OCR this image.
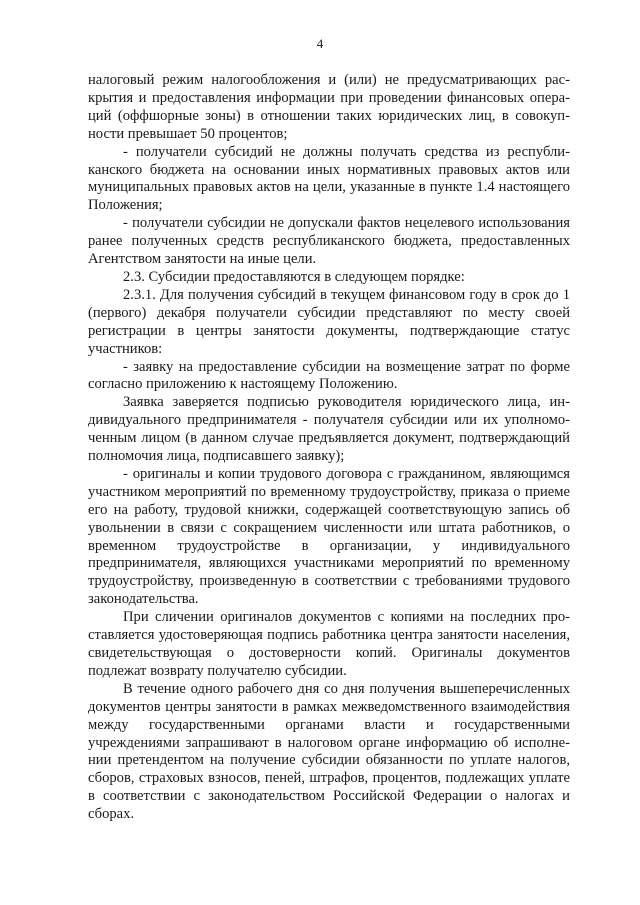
4

налоговый режим налогообложения и (или) не предусматривающих раскрытия и предоставления информации при проведении финансовых операций (оффшорные зоны) в отношении таких юридических лиц, в совокупности превышает 50 процентов;

- получатели субсидий не должны получать средства из республиканского бюджета на основании иных нормативных правовых актов или муниципальных правовых актов на цели, указанные в пункте 1.4 настоящего Положения;

- получатели субсидии не допускали фактов нецелевого использования ранее полученных средств республиканского бюджета, предоставленных Агентством занятости на иные цели.

2.3. Субсидии предоставляются в следующем порядке:

2.3.1. Для получения субсидий в текущем финансовом году в срок до 1 (первого) декабря получатели субсидии представляют по месту своей регистрации в центры занятости документы, подтверждающие статус участников:

- заявку на предоставление субсидии на возмещение затрат по форме согласно приложению к настоящему Положению.

Заявка заверяется подписью руководителя юридического лица, индивидуального предпринимателя - получателя субсидии или их уполномоченным лицом (в данном случае предъявляется документ, подтверждающий полномочия лица, подписавшего заявку);

- оригиналы и копии трудового договора с гражданином, являющимся участником мероприятий по временному трудоустройству, приказа о приеме его на работу, трудовой книжки, содержащей соответствующую запись об увольнении в связи с сокращением численности или штата работников, о временном трудоустройстве в организации, у индивидуального предпринимателя, являющихся участниками мероприятий по временному трудоустройству, произведенную в соответствии с требованиями трудового законодательства.

При сличении оригиналов документов с копиями на последних проставляется удостоверяющая подпись работника центра занятости населения, свидетельствующая о достоверности копий. Оригиналы документов подлежат возврату получателю субсидии.

В течение одного рабочего дня со дня получения вышеперечисленных документов центры занятости в рамках межведомственного взаимодействия между государственными органами власти и государственными учреждениями запрашивают в налоговом органе информацию об исполнении претендентом на получение субсидии обязанности по уплате налогов, сборов, страховых взносов, пеней, штрафов, процентов, подлежащих уплате в соответствии с законодательством Российской Федерации о налогах и сборах.
